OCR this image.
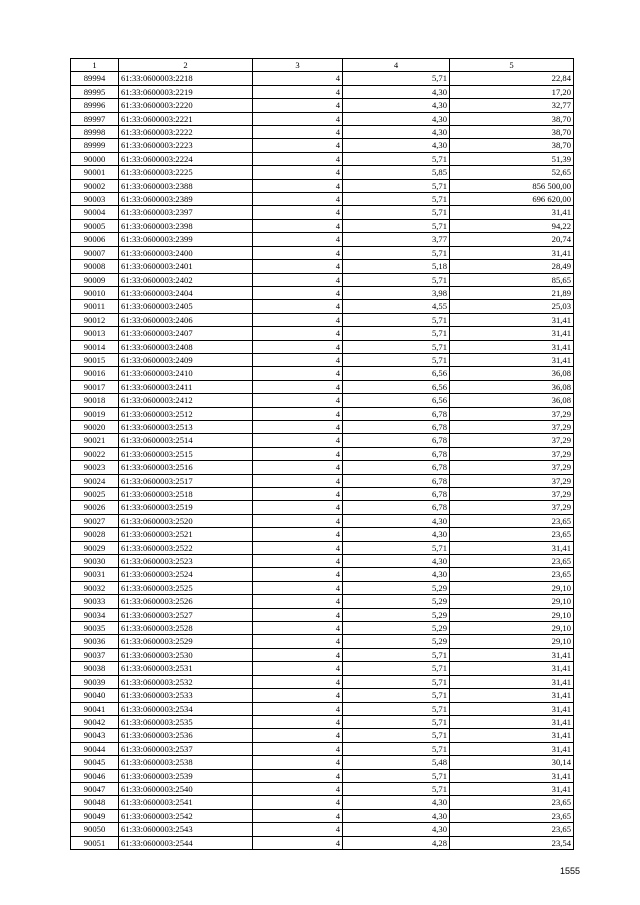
1	2	3	4	5
89994	61:33:0600003:2218	4	5,71	22,84
89995	61:33:0600003:2219	4	4,30	17,20
89996	61:33:0600003:2220	4	4,30	32,77
89997	61:33:0600003:2221	4	4,30	38,70
89998	61:33:0600003:2222	4	4,30	38,70
89999	61:33:0600003:2223	4	4,30	38,70
90000	61:33:0600003:2224	4	5,71	51,39
90001	61:33:0600003:2225	4	5,85	52,65
90002	61:33:0600003:2388	4	5,71	856 500,00
90003	61:33:0600003:2389	4	5,71	696 620,00
90004	61:33:0600003:2397	4	5,71	31,41
90005	61:33:0600003:2398	4	5,71	94,22
90006	61:33:0600003:2399	4	3,77	20,74
90007	61:33:0600003:2400	4	5,71	31,41
90008	61:33:0600003:2401	4	5,18	28,49
90009	61:33:0600003:2402	4	5,71	85,65
90010	61:33:0600003:2404	4	3,98	21,89
90011	61:33:0600003:2405	4	4,55	25,03
90012	61:33:0600003:2406	4	5,71	31,41
90013	61:33:0600003:2407	4	5,71	31,41
90014	61:33:0600003:2408	4	5,71	31,41
90015	61:33:0600003:2409	4	5,71	31,41
90016	61:33:0600003:2410	4	6,56	36,08
90017	61:33:0600003:2411	4	6,56	36,08
90018	61:33:0600003:2412	4	6,56	36,08
90019	61:33:0600003:2512	4	6,78	37,29
90020	61:33:0600003:2513	4	6,78	37,29
90021	61:33:0600003:2514	4	6,78	37,29
90022	61:33:0600003:2515	4	6,78	37,29
90023	61:33:0600003:2516	4	6,78	37,29
90024	61:33:0600003:2517	4	6,78	37,29
90025	61:33:0600003:2518	4	6,78	37,29
90026	61:33:0600003:2519	4	6,78	37,29
90027	61:33:0600003:2520	4	4,30	23,65
90028	61:33:0600003:2521	4	4,30	23,65
90029	61:33:0600003:2522	4	5,71	31,41
90030	61:33:0600003:2523	4	4,30	23,65
90031	61:33:0600003:2524	4	4,30	23,65
90032	61:33:0600003:2525	4	5,29	29,10
90033	61:33:0600003:2526	4	5,29	29,10
90034	61:33:0600003:2527	4	5,29	29,10
90035	61:33:0600003:2528	4	5,29	29,10
90036	61:33:0600003:2529	4	5,29	29,10
90037	61:33:0600003:2530	4	5,71	31,41
90038	61:33:0600003:2531	4	5,71	31,41
90039	61:33:0600003:2532	4	5,71	31,41
90040	61:33:0600003:2533	4	5,71	31,41
90041	61:33:0600003:2534	4	5,71	31,41
90042	61:33:0600003:2535	4	5,71	31,41
90043	61:33:0600003:2536	4	5,71	31,41
90044	61:33:0600003:2537	4	5,71	31,41
90045	61:33:0600003:2538	4	5,48	30,14
90046	61:33:0600003:2539	4	5,71	31,41
90047	61:33:0600003:2540	4	5,71	31,41
90048	61:33:0600003:2541	4	4,30	23,65
90049	61:33:0600003:2542	4	4,30	23,65
90050	61:33:0600003:2543	4	4,30	23,65
90051	61:33:0600003:2544	4	4,28	23,54
1555
